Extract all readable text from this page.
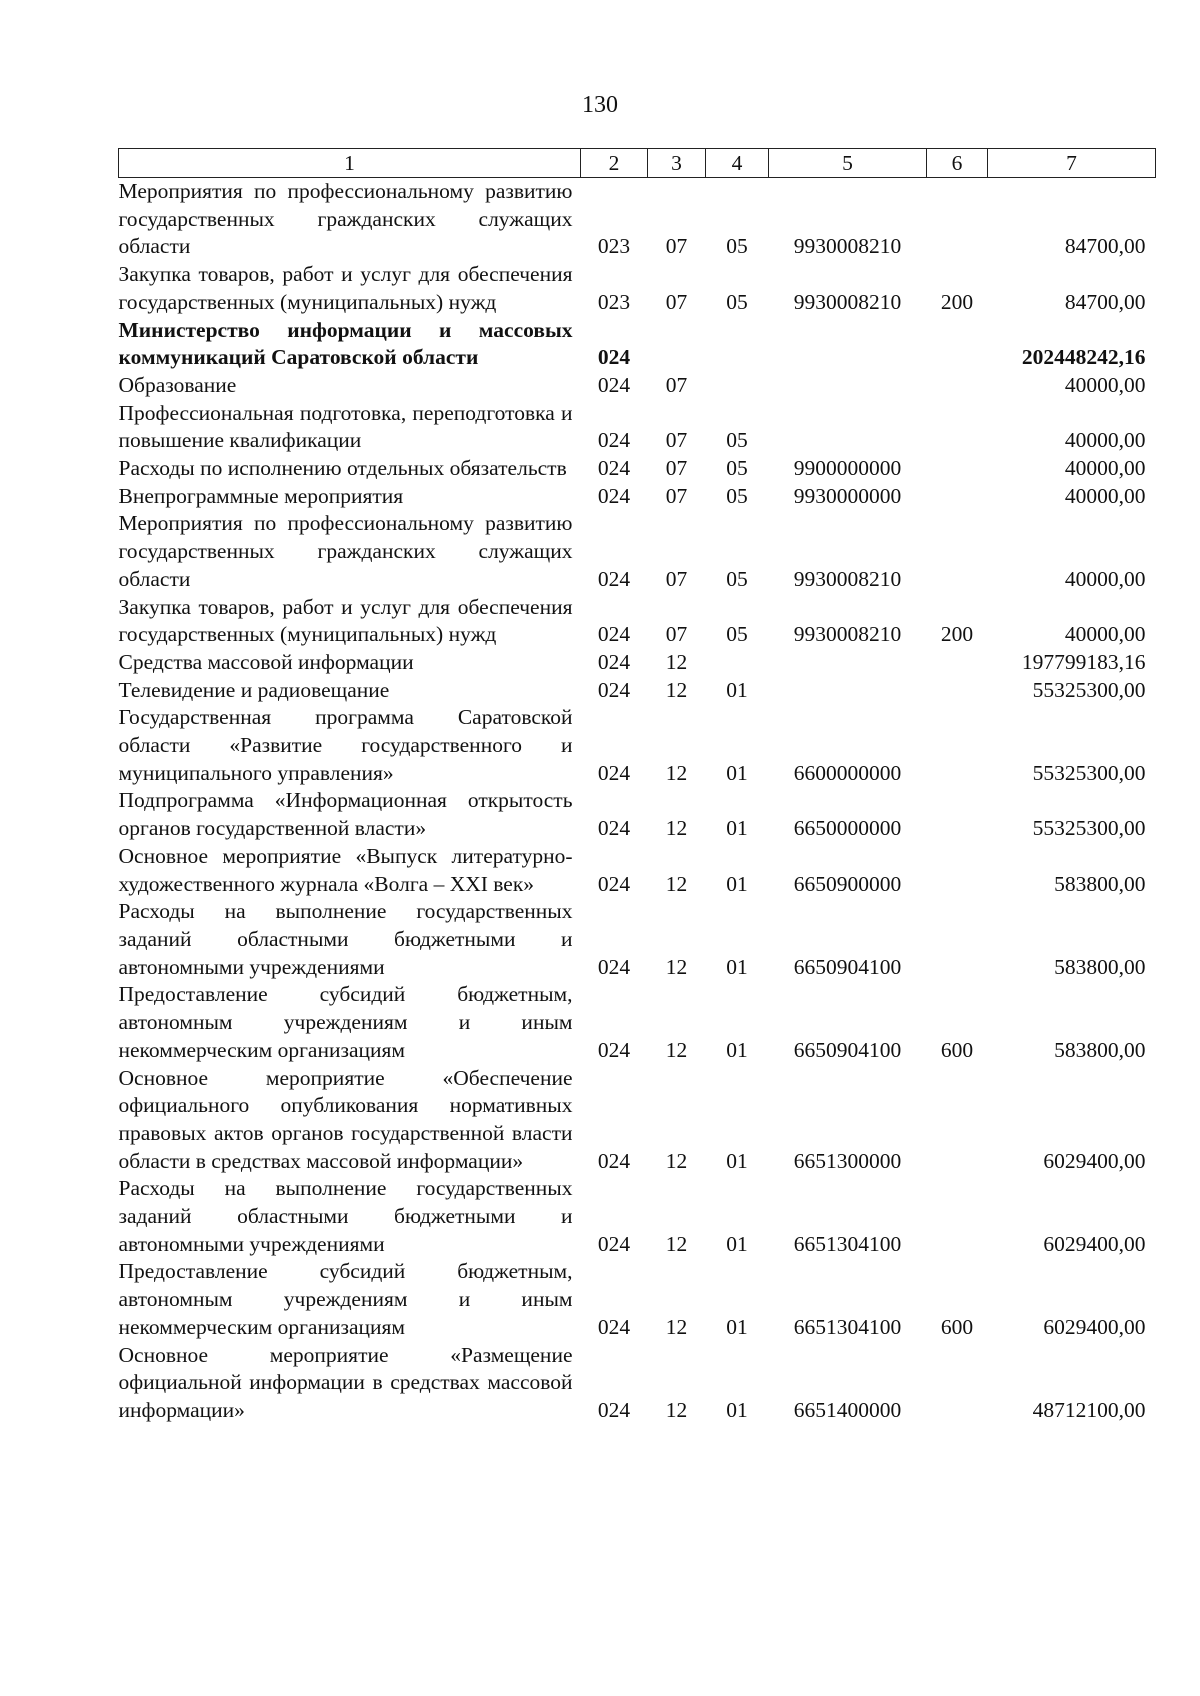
130
1	2	3	4	5	6	7
Мероприятия по профессиональному развитию государственных гражданских служащих области	023	07	05	9930008210		84700,00
Закупка товаров, работ и услуг для обеспечения государственных (муниципальных) нужд	023	07	05	9930008210	200	84700,00
Министерство информации и массовых коммуникаций Саратовской области	024					202448242,16
Образование	024	07				40000,00
Профессиональная подготовка, переподготовка и повышение квалификации	024	07	05			40000,00
Расходы по исполнению отдельных обязательств	024	07	05	9900000000		40000,00
Внепрограммные мероприятия	024	07	05	9930000000		40000,00
Мероприятия по профессиональному развитию государственных гражданских служащих области	024	07	05	9930008210		40000,00
Закупка товаров, работ и услуг для обеспечения государственных (муниципальных) нужд	024	07	05	9930008210	200	40000,00
Средства массовой информации	024	12				197799183,16
Телевидение и радиовещание	024	12	01			55325300,00
Государственная программа Саратовской области «Развитие государственного и муниципального управления»	024	12	01	6600000000		55325300,00
Подпрограмма «Информационная открытость органов государственной власти»	024	12	01	6650000000		55325300,00
Основное мероприятие «Выпуск литературно-художественного журнала «Волга – XXI век»	024	12	01	6650900000		583800,00
Расходы на выполнение государственных заданий областными бюджетными и автономными учреждениями	024	12	01	6650904100		583800,00
Предоставление субсидий бюджетным, автономным учреждениям и иным некоммерческим организациям	024	12	01	6650904100	600	583800,00
Основное мероприятие «Обеспечение официального опубликования нормативных правовых актов органов государственной власти области в средствах массовой информации»	024	12	01	6651300000		6029400,00
Расходы на выполнение государственных заданий областными бюджетными и автономными учреждениями	024	12	01	6651304100		6029400,00
Предоставление субсидий бюджетным, автономным учреждениям и иным некоммерческим организациям	024	12	01	6651304100	600	6029400,00
Основное мероприятие «Размещение официальной информации в средствах массовой информации»	024	12	01	6651400000		48712100,00
